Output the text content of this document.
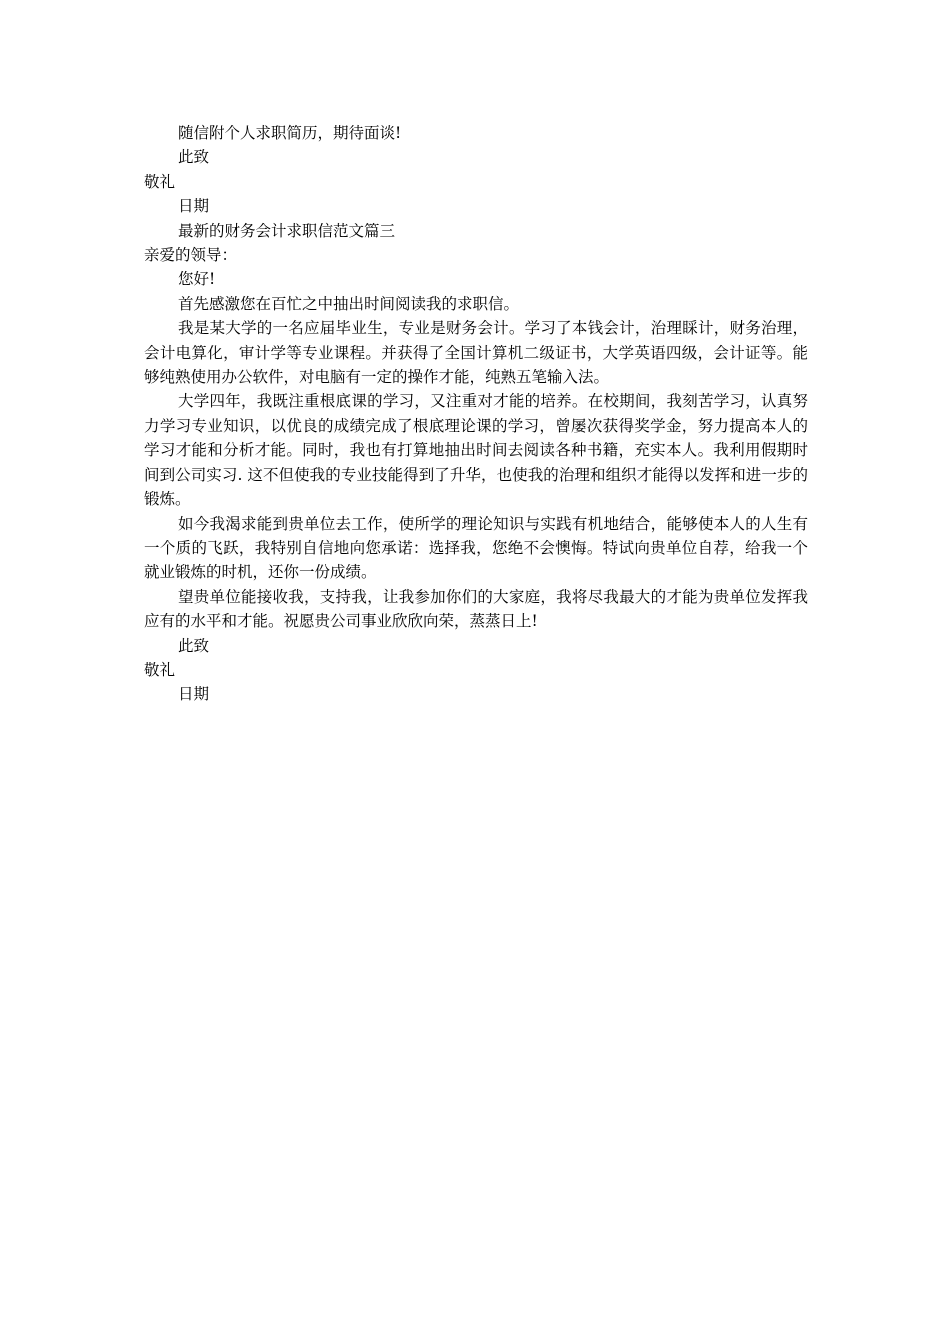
随信附个人求职简历，期待面谈!

此致

敬礼

日期

最新的财务会计求职信范文篇三

亲爱的领导：

您好!

首先感激您在百忙之中抽出时间阅读我的求职信。

我是某大学的一名应届毕业生，专业是财务会计。学习了本钱会计，治理睬计，财务治理，会计电算化，审计学等专业课程。并获得了全国计算机二级证书，大学英语四级，会计证等。能够纯熟使用办公软件，对电脑有一定的操作才能，纯熟五笔输入法。

大学四年，我既注重根底课的学习，又注重对才能的培养。在校期间，我刻苦学习，认真努力学习专业知识，以优良的成绩完成了根底理论课的学习，曾屡次获得奖学金，努力提高本人的学习才能和分析才能。同时，我也有打算地抽出时间去阅读各种书籍，充实本人。我利用假期时间到公司实习. 这不但使我的专业技能得到了升华，也使我的治理和组织才能得以发挥和进一步的锻炼。

如今我渴求能到贵单位去工作，使所学的理论知识与实践有机地结合，能够使本人的人生有一个质的飞跃，我特别自信地向您承诺：选择我，您绝不会懊悔。特试向贵单位自荐，给我一个就业锻炼的时机，还你一份成绩。

望贵单位能接收我，支持我，让我参加你们的大家庭，我将尽我最大的才能为贵单位发挥我应有的水平和才能。祝愿贵公司事业欣欣向荣，蒸蒸日上!

此致

敬礼

日期
